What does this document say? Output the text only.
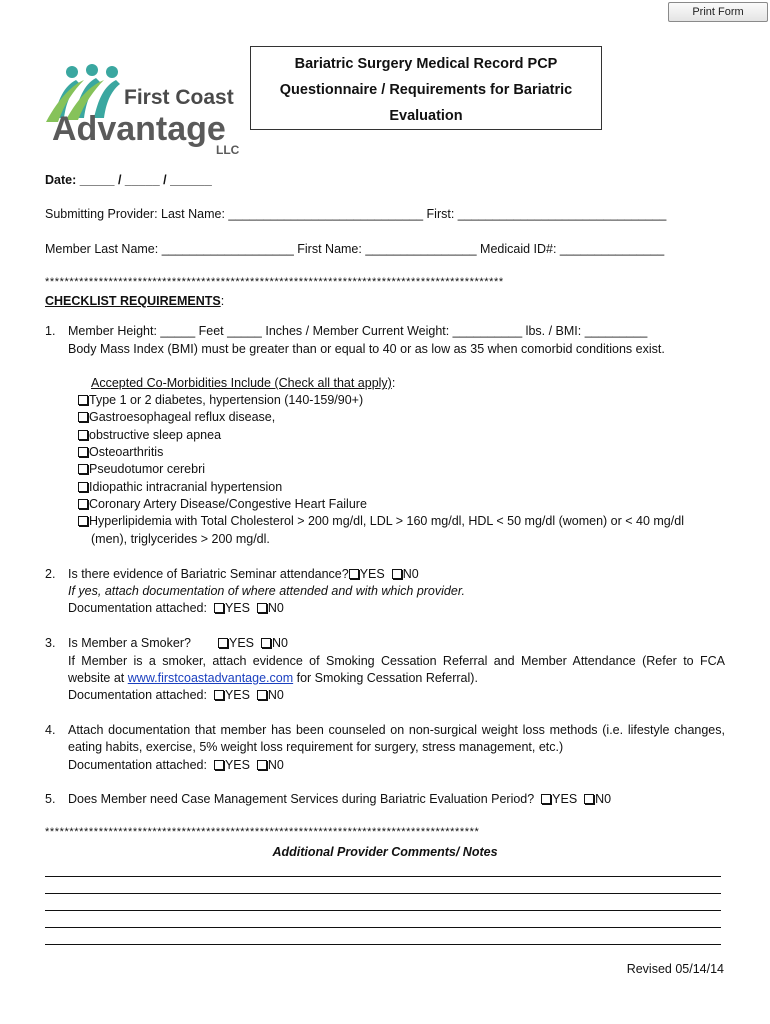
Print Form
First Coast
Advantage
LLC
Bariatric Surgery Medical Record PCP
Questionnaire / Requirements for Bariatric
Evaluation
Date: _____ / _____ / ______
Submitting Provider: Last Name: ____________________________ First: ______________________________
Member Last Name: ___________________ First Name: ________________ Medicaid ID#: _______________
**********************************************************************************************
CHECKLIST REQUIREMENTS:
1. Member Height: _____ Feet _____ Inches / Member Current Weight: __________ lbs. / BMI: _________
Body Mass Index (BMI) must be greater than or equal to 40 or as low as 35 when comorbid conditions exist.
Accepted Co-Morbidities Include (Check all that apply):
Type 1 or 2 diabetes, hypertension (140-159/90+)
Gastroesophageal reflux disease,
obstructive sleep apnea
Osteoarthritis
Pseudotumor cerebri
Idiopathic intracranial hypertension
Coronary Artery Disease/Congestive Heart Failure
Hyperlipidemia with Total Cholesterol > 200 mg/dl, LDL > 160 mg/dl, HDL < 50 mg/dl (women) or < 40 mg/dl
(men), triglycerides > 200 mg/dl.
2. Is there evidence of Bariatric Seminar attendance? YES N0
If yes, attach documentation of where attended and with which provider.
Documentation attached: YES N0
3. Is Member a Smoker?	YES N0
If Member is a smoker, attach evidence of Smoking Cessation Referral and Member Attendance (Refer to FCA
website at www.firstcoastadvantage.com for Smoking Cessation Referral).
Documentation attached: YES N0
4. Attach documentation that member has been counseled on non-surgical weight loss methods (i.e. lifestyle changes,
eating habits, exercise, 5% weight loss requirement for surgery, stress management, etc.)
Documentation attached: YES N0
5. Does Member need Case Management Services during Bariatric Evaluation Period? YES N0
*****************************************************************************************
Additional Provider Comments/ Notes
Revised 05/14/14
